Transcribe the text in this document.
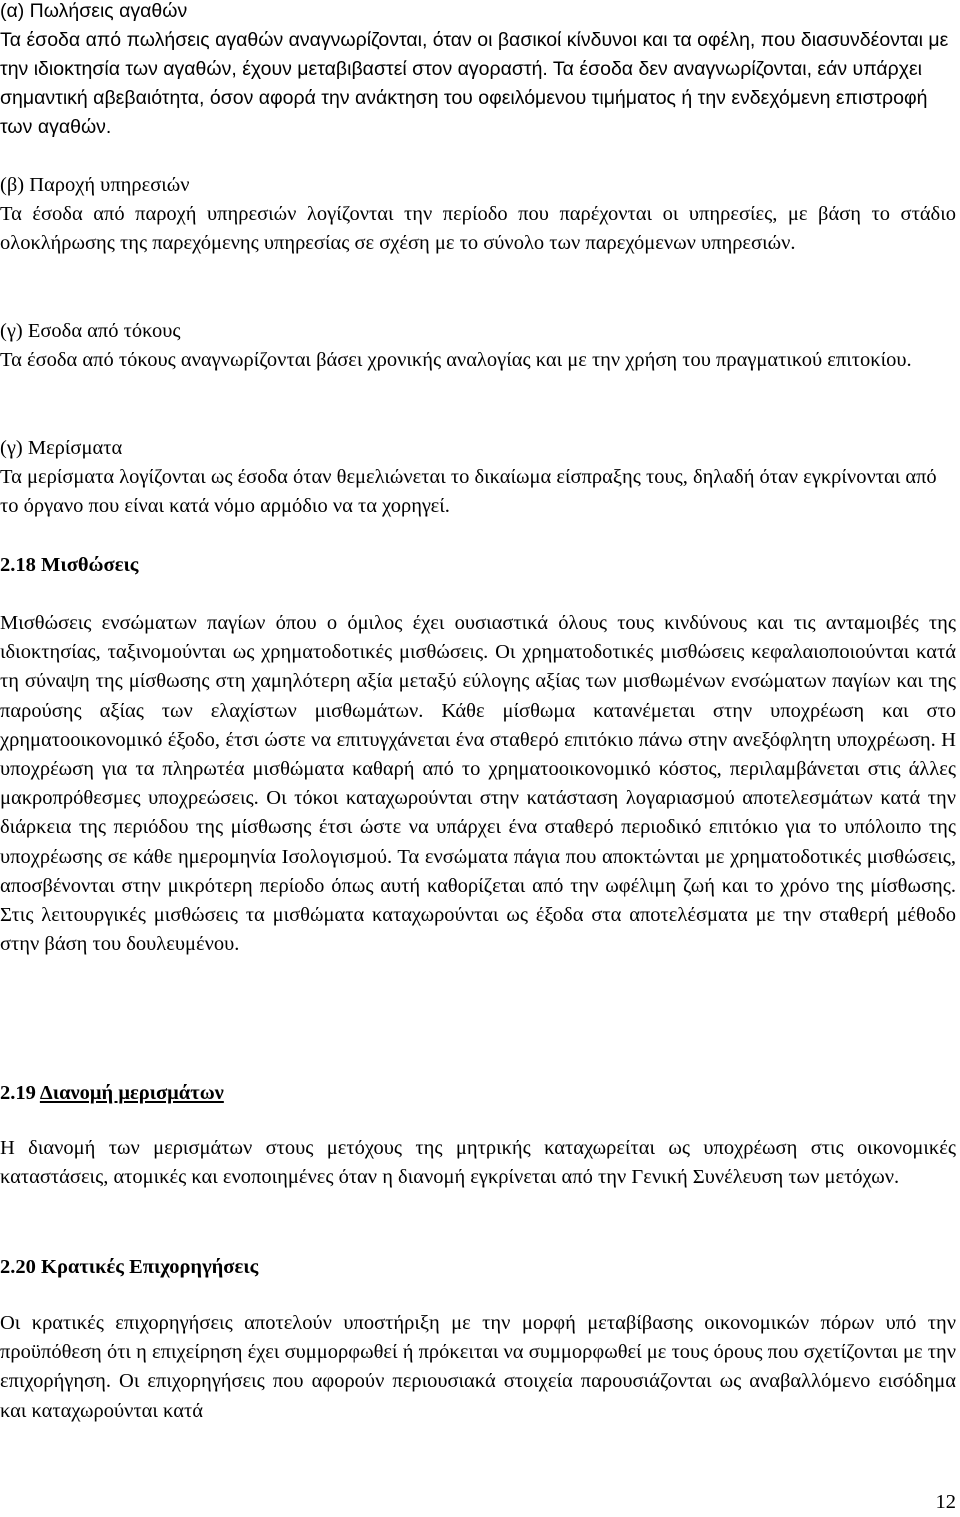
(α) Πωλήσεις αγαθών
Τα έσοδα από πωλήσεις αγαθών αναγνωρίζονται, όταν οι βασικοί κίνδυνοι και τα οφέλη, που διασυνδέονται με την ιδιοκτησία των αγαθών, έχουν μεταβιβαστεί στον αγοραστή. Τα έσοδα δεν αναγνωρίζονται, εάν υπάρχει σημαντική αβεβαιότητα, όσον αφορά την ανάκτηση του οφειλόμενου τιμήματος ή την ενδεχόμενη επιστροφή των αγαθών.
(β) Παροχή υπηρεσιών
Τα έσοδα από παροχή υπηρεσιών λογίζονται την περίοδο που παρέχονται οι υπηρεσίες, με βάση το στάδιο ολοκλήρωσης της παρεχόμενης υπηρεσίας σε σχέση με το σύνολο των παρεχόμενων υπηρεσιών.
(γ) Εσοδα από τόκους
Τα έσοδα από τόκους αναγνωρίζονται βάσει χρονικής αναλογίας και με την χρήση του πραγματικού επιτοκίου.
(γ) Μερίσματα
Τα μερίσματα λογίζονται ως έσοδα όταν θεμελιώνεται το δικαίωμα είσπραξης τους, δηλαδή όταν εγκρίνονται από το όργανο που είναι κατά νόμο αρμόδιο να τα χορηγεί.
2.18 Μισθώσεις
Μισθώσεις ενσώματων παγίων όπου ο όμιλος έχει ουσιαστικά όλους τους κινδύνους και τις ανταμοιβές της ιδιοκτησίας, ταξινομούνται ως χρηματοδοτικές μισθώσεις. Οι χρηματοδοτικές μισθώσεις κεφαλαιοποιούνται κατά τη σύναψη της μίσθωσης στη χαμηλότερη αξία μεταξύ εύλογης αξίας των μισθωμένων ενσώματων παγίων και της παρούσης αξίας των ελαχίστων μισθωμάτων. Κάθε μίσθωμα κατανέμεται στην υποχρέωση και στο χρηματοοικονομικό έξοδο, έτσι ώστε να επιτυγχάνεται ένα σταθερό επιτόκιο πάνω στην ανεξόφλητη υποχρέωση. Η υποχρέωση για τα πληρωτέα μισθώματα καθαρή από το χρηματοοικονομικό κόστος, περιλαμβάνεται στις άλλες μακροπρόθεσμες υποχρεώσεις. Οι τόκοι καταχωρούνται στην κατάσταση λογαριασμού αποτελεσμάτων κατά την διάρκεια της περιόδου της μίσθωσης έτσι ώστε να υπάρχει ένα σταθερό περιοδικό επιτόκιο για το υπόλοιπο της υποχρέωσης σε κάθε ημερομηνία Ισολογισμού. Τα ενσώματα πάγια που αποκτώνται με χρηματοδοτικές μισθώσεις, αποσβένονται στην μικρότερη περίοδο όπως αυτή καθορίζεται από την ωφέλιμη ζωή και το χρόνο της μίσθωσης. Στις λειτουργικές μισθώσεις τα μισθώματα καταχωρούνται ως έξοδα στα αποτελέσματα με την σταθερή μέθοδο στην βάση του δουλευμένου.
2.19 Διανομή μερισμάτων
Η διανομή των μερισμάτων στους μετόχους της μητρικής καταχωρείται ως υποχρέωση στις οικονομικές καταστάσεις, ατομικές και ενοποιημένες όταν η διανομή εγκρίνεται από την Γενική Συνέλευση των μετόχων.
2.20 Κρατικές Επιχορηγήσεις
Οι κρατικές επιχορηγήσεις αποτελούν υποστήριξη με την μορφή μεταβίβασης οικονομικών πόρων υπό την προϋπόθεση ότι η επιχείρηση έχει συμμορφωθεί ή πρόκειται να συμμορφωθεί με τους όρους που σχετίζονται με την επιχορήγηση. Οι επιχορηγήσεις που αφορούν περιουσιακά στοιχεία παρουσιάζονται ως αναβαλλόμενο εισόδημα και καταχωρούνται κατά
12
